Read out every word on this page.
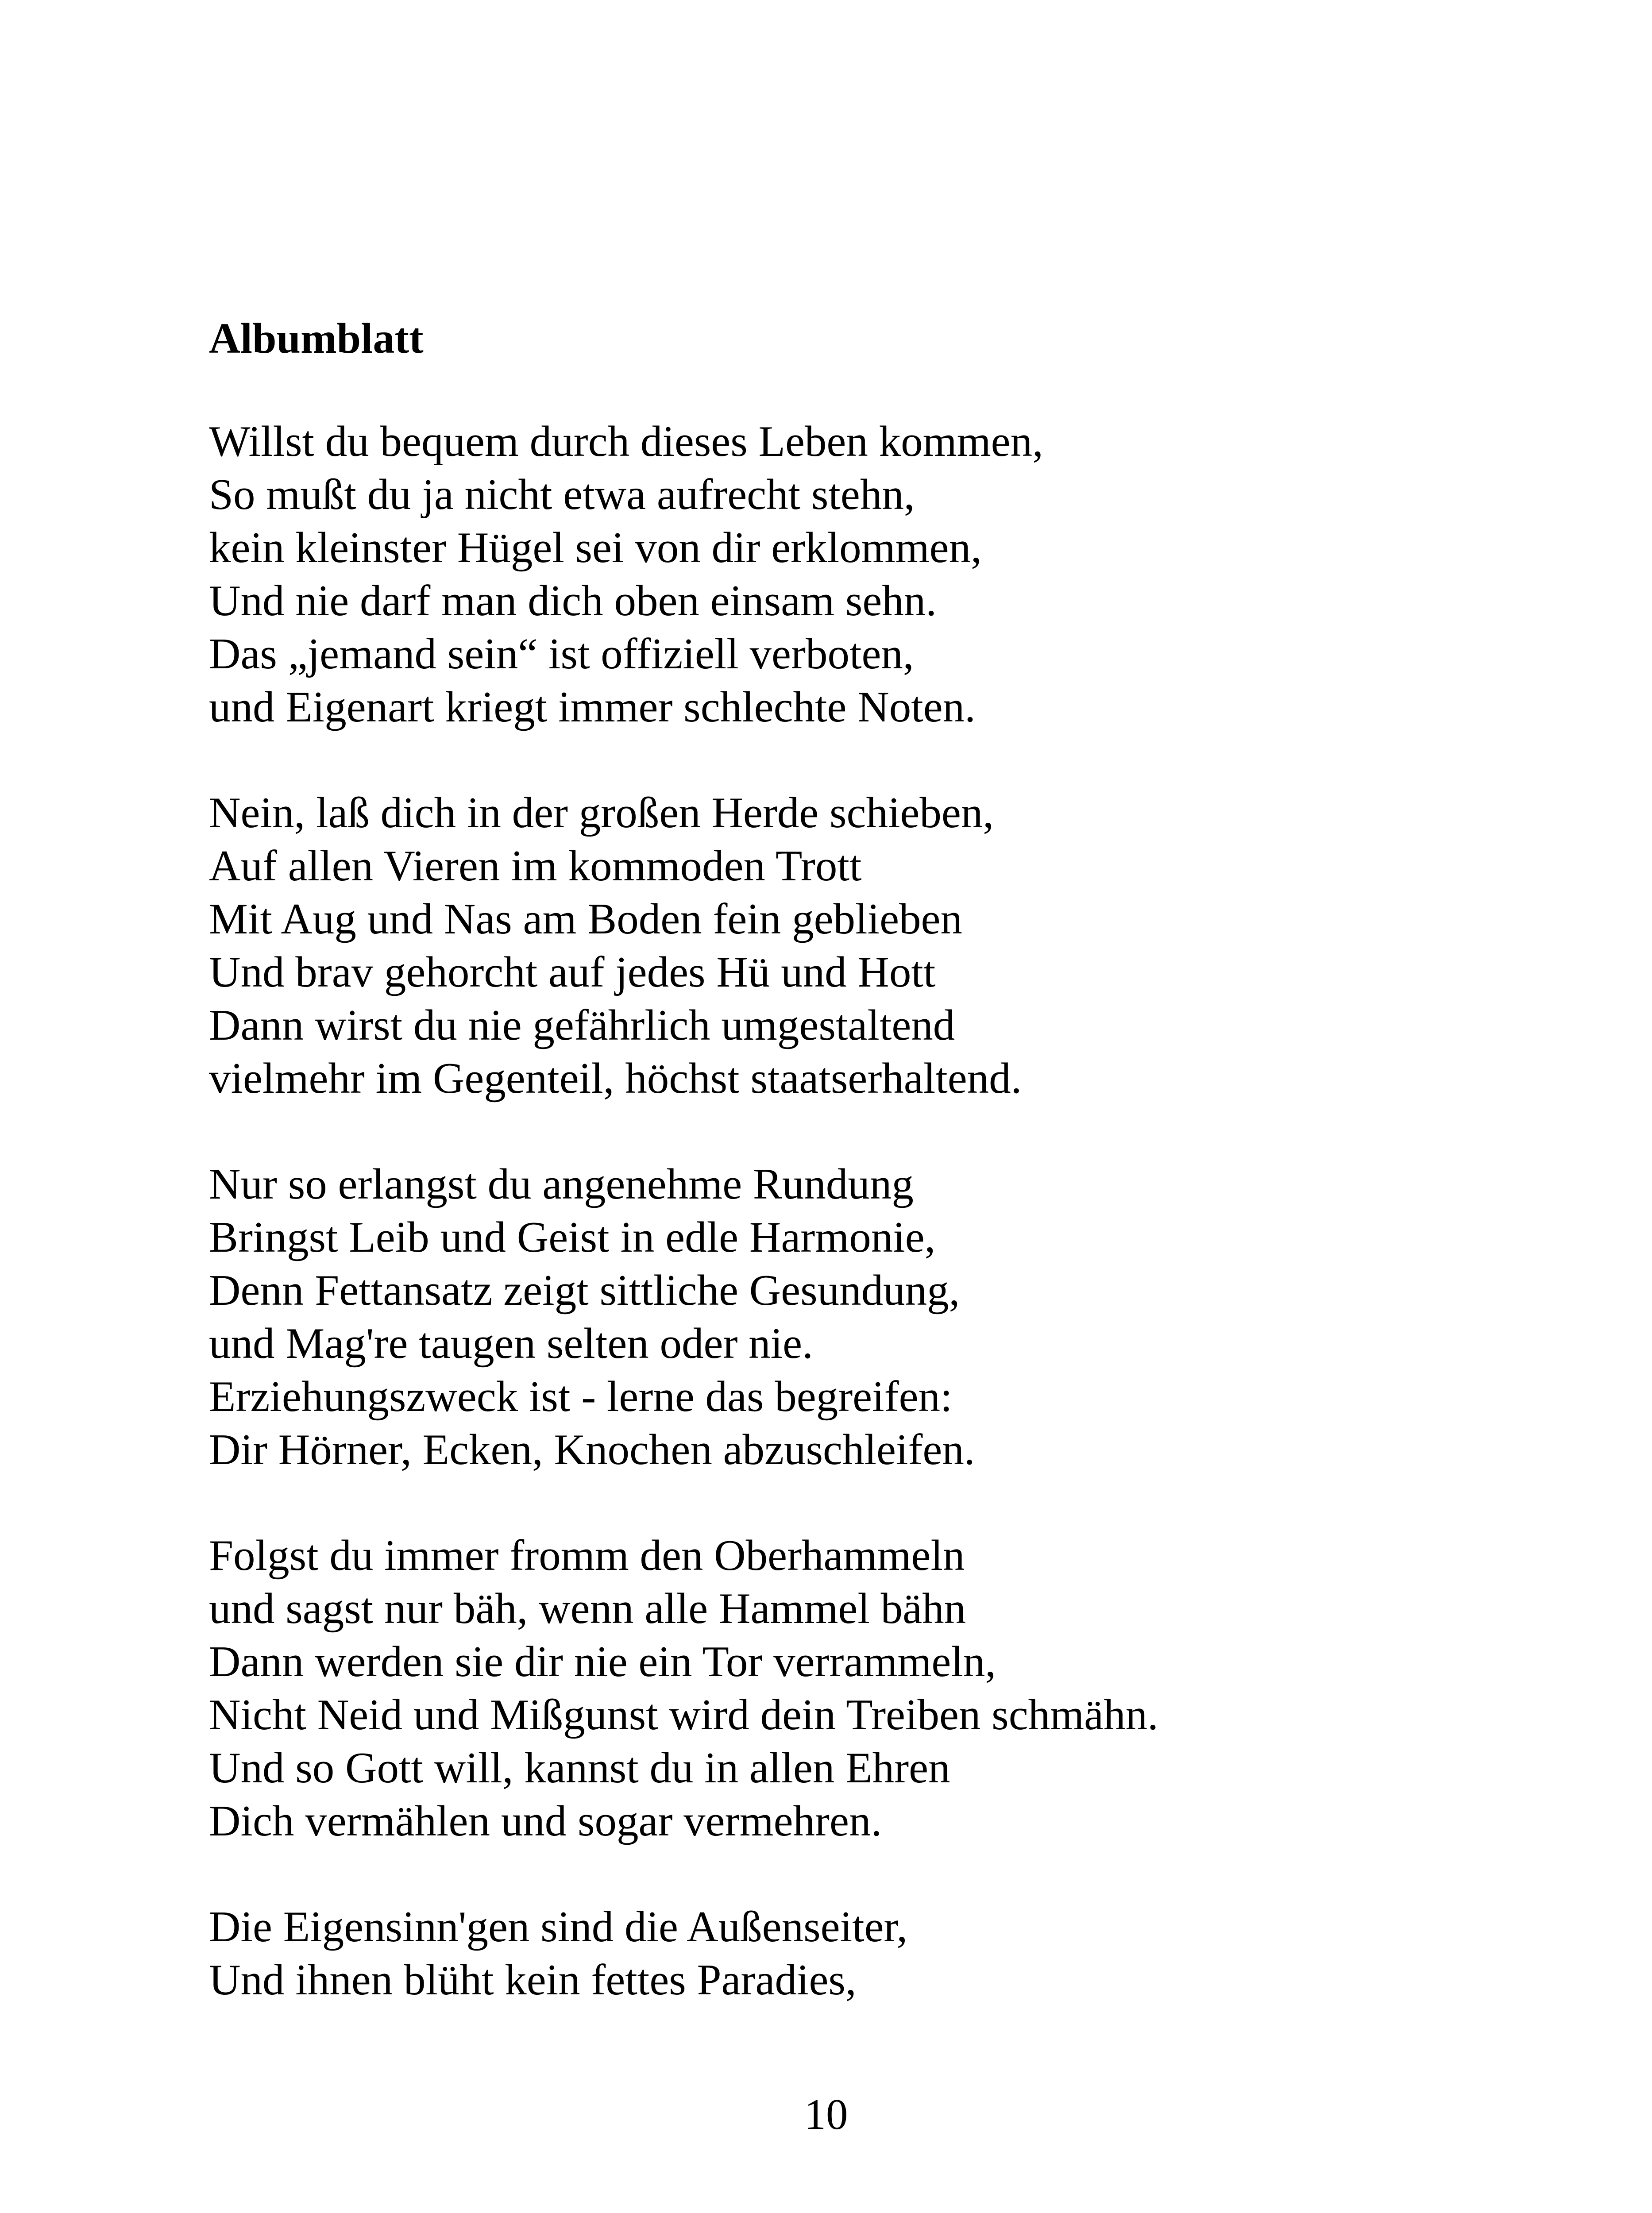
Albumblatt
Willst du bequem durch dieses Leben kommen,
So mußt du ja nicht etwa aufrecht stehn,
kein kleinster Hügel sei von dir erklommen,
Und nie darf man dich oben einsam sehn.
Das „jemand sein“ ist offiziell verboten,
und Eigenart kriegt immer schlechte Noten.
Nein, laß dich in der großen Herde schieben,
Auf allen Vieren im kommoden Trott
Mit Aug und Nas am Boden fein geblieben
Und brav gehorcht auf jedes Hü und Hott
Dann wirst du nie gefährlich umgestaltend
vielmehr im Gegenteil, höchst staatserhaltend.
Nur so erlangst du angenehme Rundung
Bringst Leib und Geist in edle Harmonie,
Denn Fettansatz zeigt sittliche Gesundung,
und Mag're taugen selten oder nie.
Erziehungszweck ist - lerne das begreifen:
Dir Hörner, Ecken, Knochen abzuschleifen.
Folgst du immer fromm den Oberhammeln
und sagst nur bäh, wenn alle Hammel bähn
Dann werden sie dir nie ein Tor verrammeln,
Nicht Neid und Mißgunst wird dein Treiben schmähn.
Und so Gott will, kannst du in allen Ehren
Dich vermählen und sogar vermehren.
Die Eigensinn'gen sind die Außenseiter,
Und ihnen blüht kein fettes Paradies,
10
